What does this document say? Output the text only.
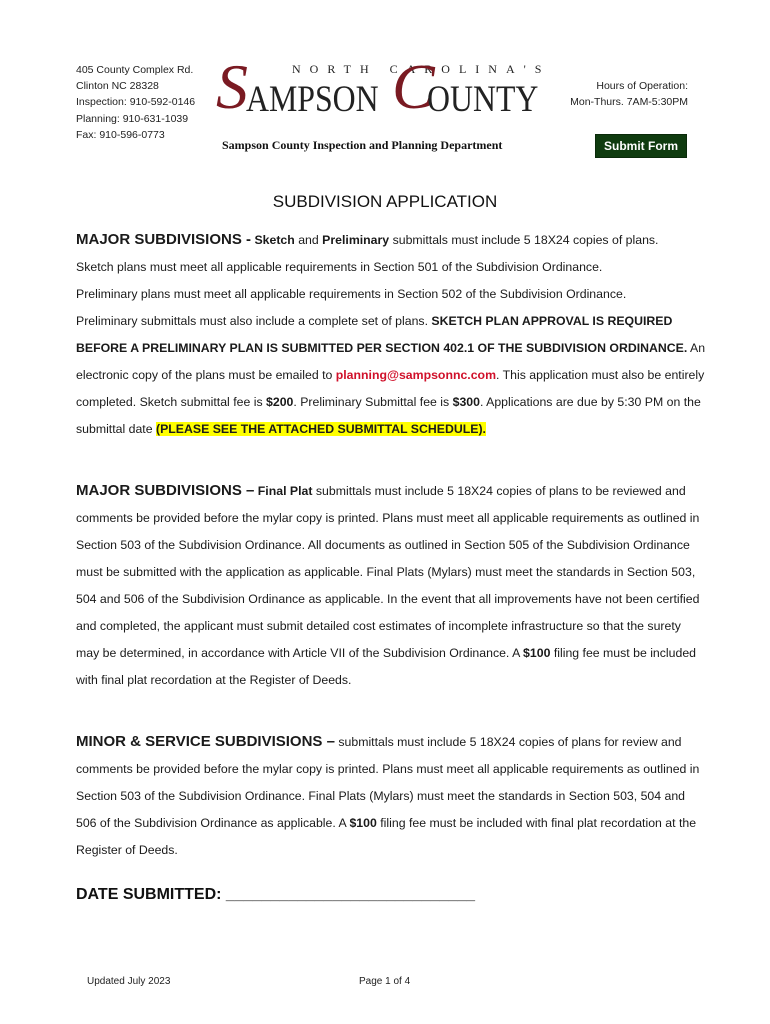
405 County Complex Rd.
Clinton NC 28328
Inspection: 910-592-0146
Planning: 910-631-1039
Fax: 910-596-0773
NORTH CAROLINA'S
S
AMPSON C
OUNTY	Hours of Operation:
Mon-Thurs. 7AM-5:30PM
Sampson County Inspection and Planning Department	Submit Form
SUBDIVISION APPLICATION
MAJOR SUBDIVISIONS - Sketch and Preliminary submittals must include 5 18X24 copies of plans.
Sketch plans must meet all applicable requirements in Section 501 of the Subdivision Ordinance.
Preliminary plans must meet all applicable requirements in Section 502 of the Subdivision Ordinance.
Preliminary submittals must also include a complete set of plans. SKETCH PLAN APPROVAL IS REQUIRED BEFORE A PRELIMINARY PLAN IS SUBMITTED PER SECTION 402.1 OF THE SUBDIVISION ORDINANCE. An electronic copy of the plans must be emailed to planning@sampsonnc.com. This application must also be entirely completed. Sketch submittal fee is $200. Preliminary Submittal fee is $300. Applications are due by 5:30 PM on the submittal date (PLEASE SEE THE ATTACHED SUBMITTAL SCHEDULE).
MAJOR SUBDIVISIONS – Final Plat submittals must include 5 18X24 copies of plans to be reviewed and comments be provided before the mylar copy is printed. Plans must meet all applicable requirements as outlined in Section 503 of the Subdivision Ordinance. All documents as outlined in Section 505 of the Subdivision Ordinance must be submitted with the application as applicable. Final Plats (Mylars) must meet the standards in Section 503, 504 and 506 of the Subdivision Ordinance as applicable. In the event that all improvements have not been certified and completed, the applicant must submit detailed cost estimates of incomplete infrastructure so that the surety may be determined, in accordance with Article VII of the Subdivision Ordinance. A $100 filing fee must be included with final plat recordation at the Register of Deeds.
MINOR & SERVICE SUBDIVISIONS – submittals must include 5 18X24 copies of plans for review and comments be provided before the mylar copy is printed. Plans must meet all applicable requirements as outlined in Section 503 of the Subdivision Ordinance. Final Plats (Mylars) must meet the standards in Section 503, 504 and 506 of the Subdivision Ordinance as applicable. A $100 filing fee must be included with final plat recordation at the Register of Deeds.
DATE SUBMITTED: ____________________________
Updated July 2023	Page 1 of 4
